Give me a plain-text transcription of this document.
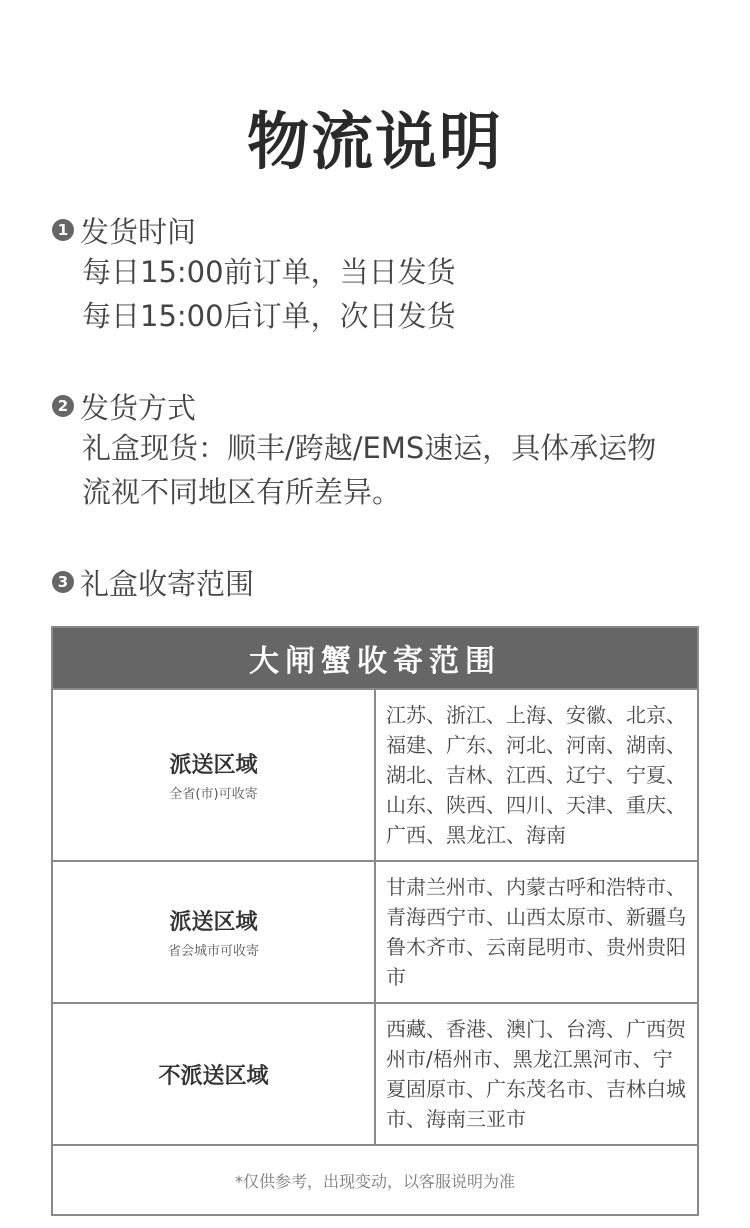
物流说明
1 发货时间
每日15:00前订单，当日发货
每日15:00后订单，次日发货
2 发货方式
礼盒现货：顺丰/跨越/EMS速运，具体承运物
流视不同地区有所差异。
3 礼盒收寄范围
大闸蟹收寄范围	

派送区域
全省(市)可收寄	江苏、浙江、上海、安徽、北京、福建、广东、河北、河南、湖南、湖北、吉林、江西、辽宁、宁夏、山东、陕西、四川、天津、重庆、广西、黑龙江、海南

派送区域
省会城市可收寄	甘肃兰州市、内蒙古呼和浩特市、青海西宁市、山西太原市、新疆乌鲁木齐市、云南昆明市、贵州贵阳市

不派送区域	西藏、香港、澳门、台湾、广西贺州市/梧州市、黑龙江黑河市、宁夏固原市、广东茂名市、吉林白城市、海南三亚市
*仅供参考，出现变动，以客服说明为准	
